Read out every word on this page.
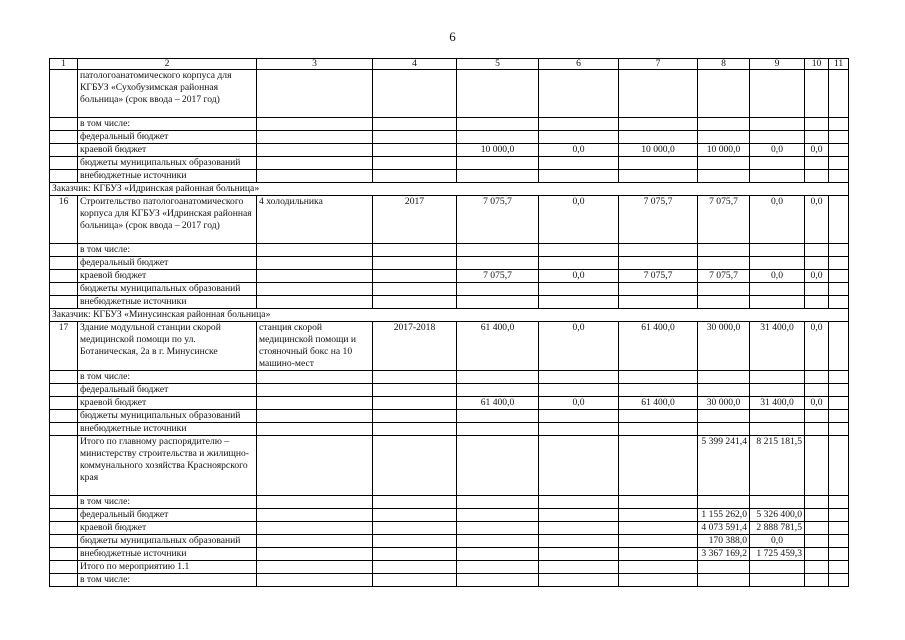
6
1	2	3	4	5	6	7	8	9	10	11
	патологоанатомического корпуса для КГБУЗ «Сухобузимская районная больница» (срок ввода – 2017 год)									
	в том числе:									
	федеральный бюджет									
	краевой бюджет			10 000,0	0,0	10 000,0	10 000,0	0,0	0,0	
	бюджеты муниципальных образований									
	внебюджетные источники									
Заказчик: КГБУЗ «Идринская районная больница»										
16	Строительство патологоанатомического корпуса для КГБУЗ «Идринская районная больница» (срок ввода – 2017 год)	4 холодильника	2017	7 075,7	0,0	7 075,7	7 075,7	0,0	0,0	
	в том числе:									
	федеральный бюджет									
	краевой бюджет			7 075,7	0,0	7 075,7	7 075,7	0,0	0,0	
	бюджеты муниципальных образований									
	внебюджетные источники									
Заказчик: КГБУЗ «Минусинская районная больница»										
17	Здание модульной станции скорой медицинской помощи по ул. Ботаническая, 2а в г. Минусинске	станция скорой медицинской помощи и стояночный бокс на 10 машино-мест	2017-2018	61 400,0	0,0	61 400,0	30 000,0	31 400,0	0,0	
	в том числе:									
	федеральный бюджет									
	краевой бюджет			61 400,0	0,0	61 400,0	30 000,0	31 400,0	0,0	
	бюджеты муниципальных образований									
	внебюджетные источники									
	Итого по главному распорядителю – министерству строительства и жилищно-коммунального хозяйства Красноярского края						5 399 241,4	8 215 181,5		
	в том числе:									
	федеральный бюджет						1 155 262,0	5 326 400,0		
	краевой бюджет						4 073 591,4	2 888 781,5		
	бюджеты муниципальных образований						170 388,0	0,0		
	внебюджетные источники						3 367 169,2	1 725 459,3		
	Итого по мероприятию 1.1									
	в том числе:									
